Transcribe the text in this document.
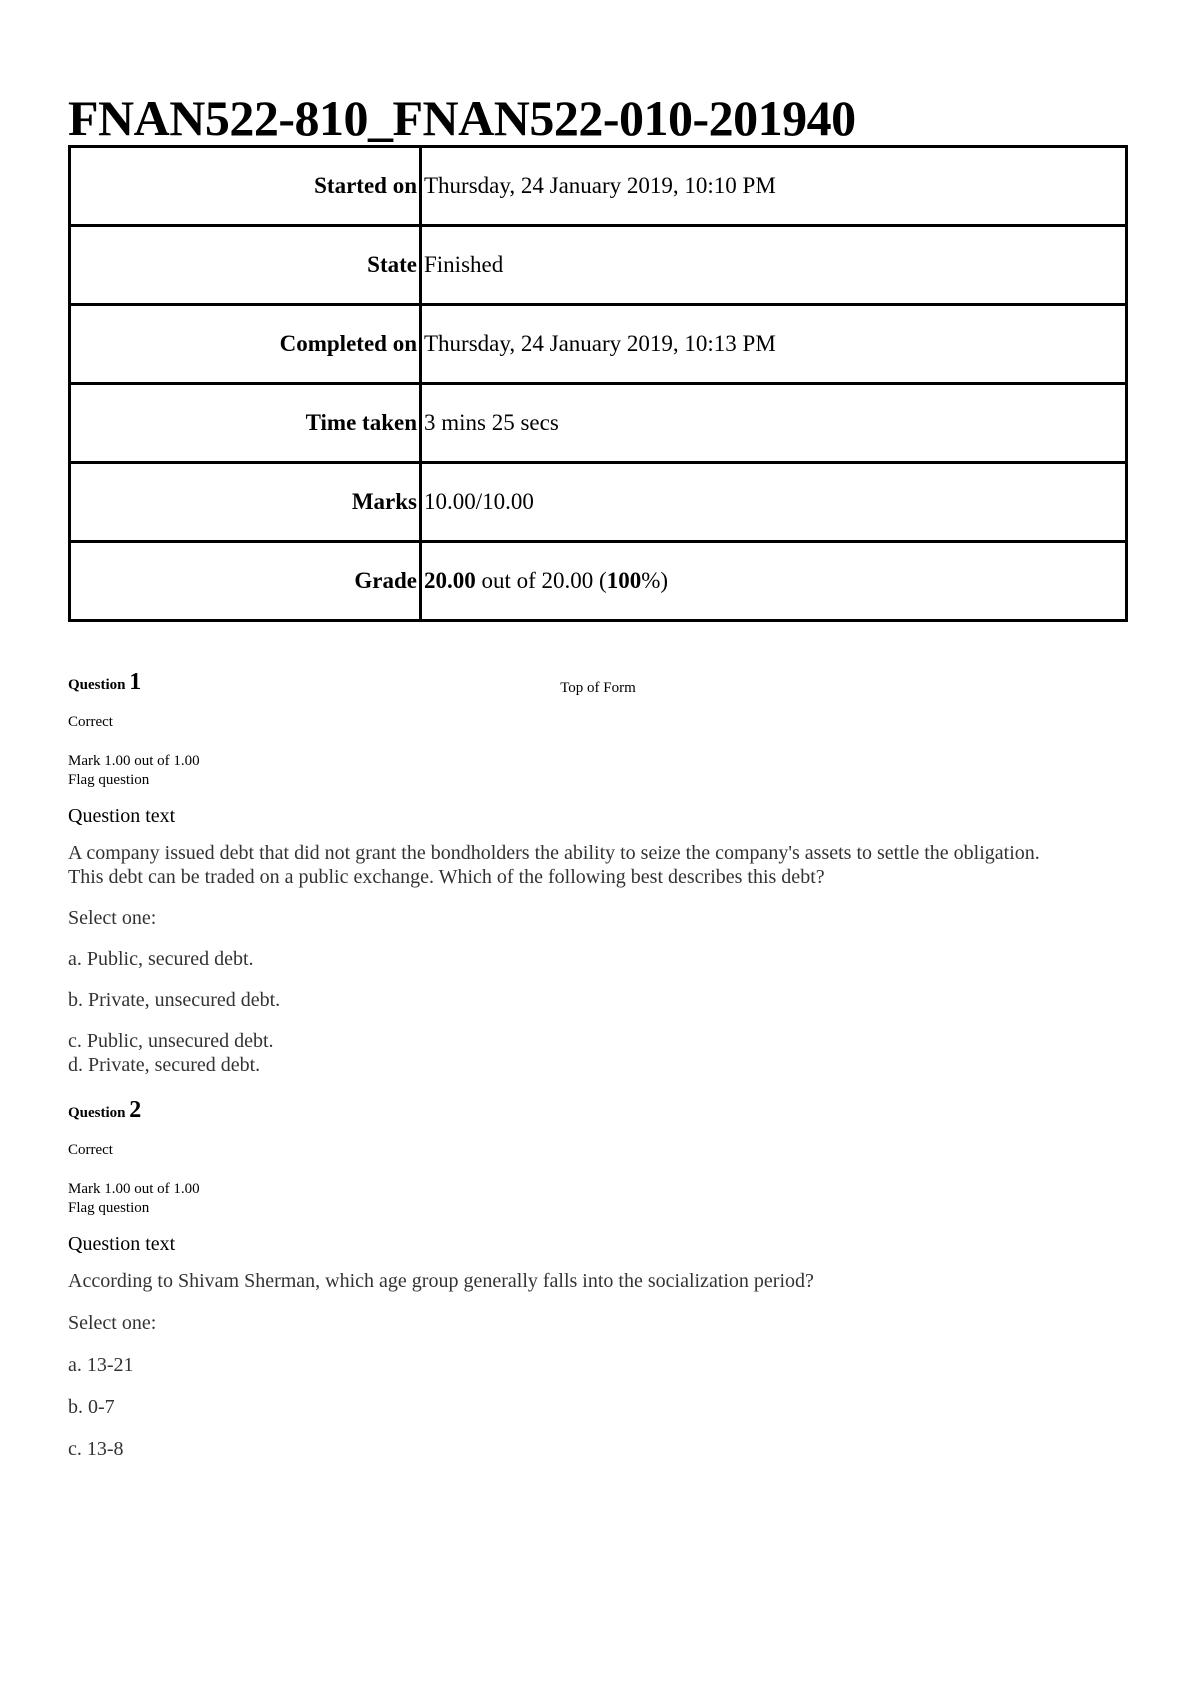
FNAN522-810_FNAN522-010-201940
Started on	Thursday, 24 January 2019, 10:10 PM
State	Finished
Completed on	Thursday, 24 January 2019, 10:13 PM
Time taken	3 mins 25 secs
Marks	10.00/10.00
Grade	20.00 out of 20.00 (100%)
Top of Form
Question 1
Correct
Mark 1.00 out of 1.00
Flag question
Question text
A company issued debt that did not grant the bondholders the ability to seize the company's assets to settle the obligation.
This debt can be traded on a public exchange. Which of the following best describes this debt?
Select one:
a. Public, secured debt.
b. Private, unsecured debt.
c. Public, unsecured debt.
d. Private, secured debt.
Question 2
Correct
Mark 1.00 out of 1.00
Flag question
Question text
According to Shivam Sherman, which age group generally falls into the socialization period?
Select one:
a. 13-21
b. 0-7
c. 13-8
